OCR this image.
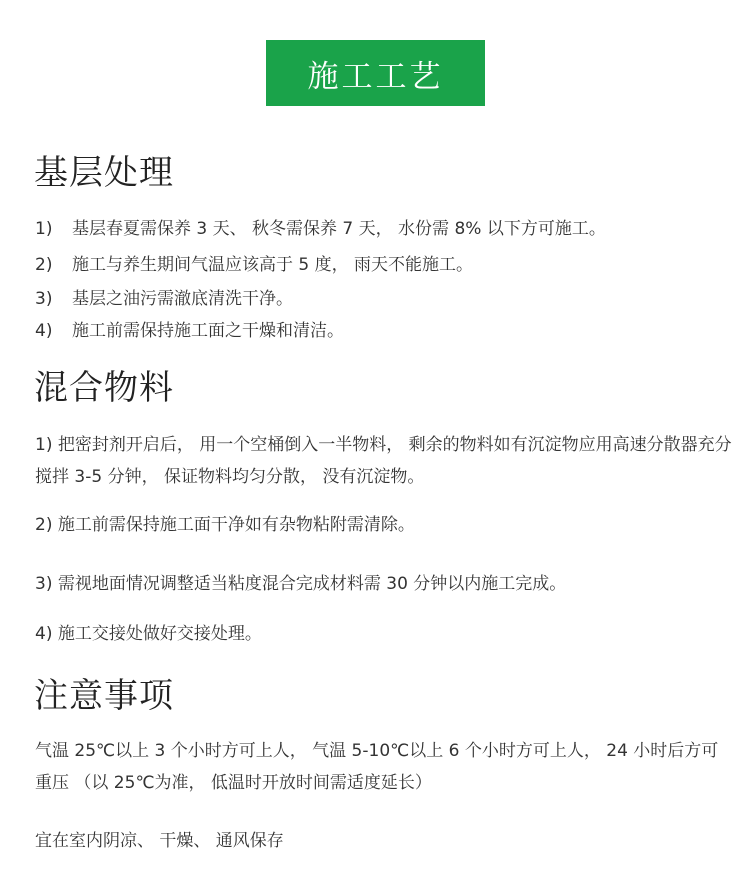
施工工艺
基层处理
1) 基层春夏需保养 3 天、 秋冬需保养 7 天， 水份需 8% 以下方可施工。
2) 施工与养生期间气温应该高于 5 度， 雨天不能施工。
3) 基层之油污需澈底清洗干净。
4) 施工前需保持施工面之干燥和清洁。
混合物料
1) 把密封剂开启后， 用一个空桶倒入一半物料， 剩余的物料如有沉淀物应用高速分散器充分搅拌 3-5 分钟， 保证物料均匀分散， 没有沉淀物。
2) 施工前需保持施工面干净如有杂物粘附需清除。
3) 需视地面情况调整适当粘度混合完成材料需 30 分钟以内施工完成。
4) 施工交接处做好交接处理。
注意事项
气温 25℃以上 3 个小时方可上人， 气温 5-10℃以上 6 个小时方可上人， 24 小时后方可重压 （以 25℃为准， 低温时开放时间需适度延长）
宜在室内阴凉、 干燥、 通风保存
